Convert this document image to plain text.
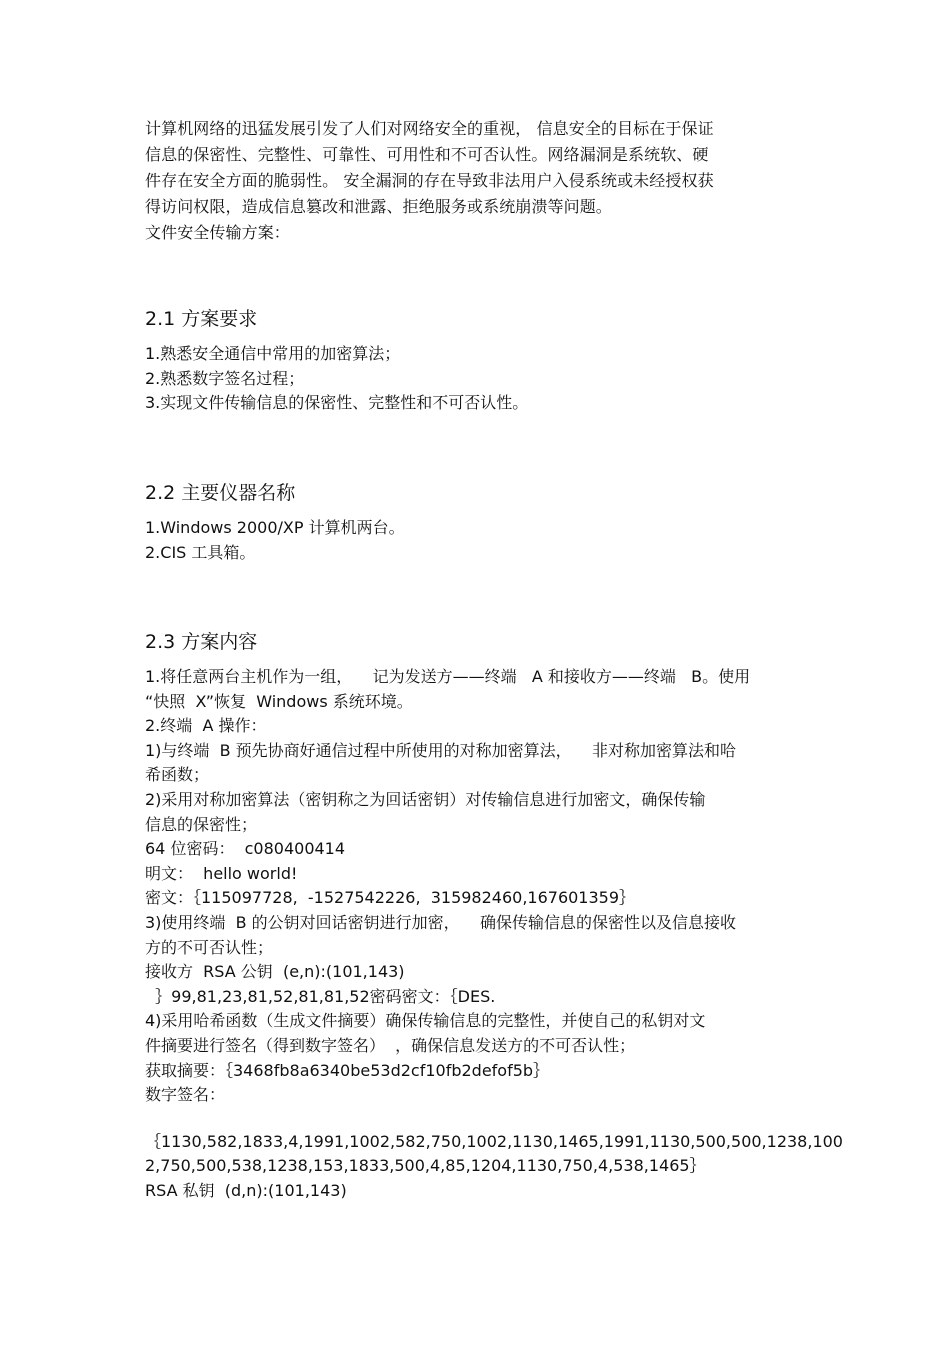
计算机网络的迅猛发展引发了人们对网络安全的重视， 信息安全的目标在于保证

信息的保密性、完整性、可靠性、可用性和不可否认性。网络漏洞是系统软、硬

件存在安全方面的脆弱性。 安全漏洞的存在导致非法用户入侵系统或未经授权获

得访问权限，造成信息篡改和泄露、拒绝服务或系统崩溃等问题。

文件安全传输方案：

2.1 方案要求

1.熟悉安全通信中常用的加密算法；

2.熟悉数字签名过程；

3.实现文件传输信息的保密性、完整性和不可否认性。

2.2 主要仪器名称

1.Windows 2000/XP 计算机两台。

2.CIS 工具箱。

2.3 方案内容

1.将任意两台主机作为一组，    记为发送方——终端   A 和接收方——终端   B。使用

“快照  X”恢复  Windows 系统环境。

2.终端  A 操作：

1)与终端  B 预先协商好通信过程中所使用的对称加密算法，    非对称加密算法和哈

希函数；

2)采用对称加密算法（密钥称之为回话密钥）对传输信息进行加密文，确保传输

信息的保密性；

64 位密码：  c080400414

明文：  hello world!

密文：｛115097728,  -1527542226,  315982460,167601359｝

3)使用终端  B 的公钥对回话密钥进行加密，    确保传输信息的保密性以及信息接收

方的不可否认性；

接收方  RSA 公钥  (e,n):(101,143)

｝99,81,23,81,52,81,81,52密码密文：｛DES.

4)采用哈希函数（生成文件摘要）确保传输信息的完整性，并使自己的私钥对文

件摘要进行签名（得到数字签名）  ，确保信息发送方的不可否认性；

获取摘要：｛3468fb8a6340be53d2cf10fb2defof5b｝

数字签名：

｛1130,582,1833,4,1991,1002,582,750,1002,1130,1465,1991,1130,500,500,1238,100

2,750,500,538,1238,153,1833,500,4,85,1204,1130,750,4,538,1465｝

RSA 私钥  (d,n):(101,143)
